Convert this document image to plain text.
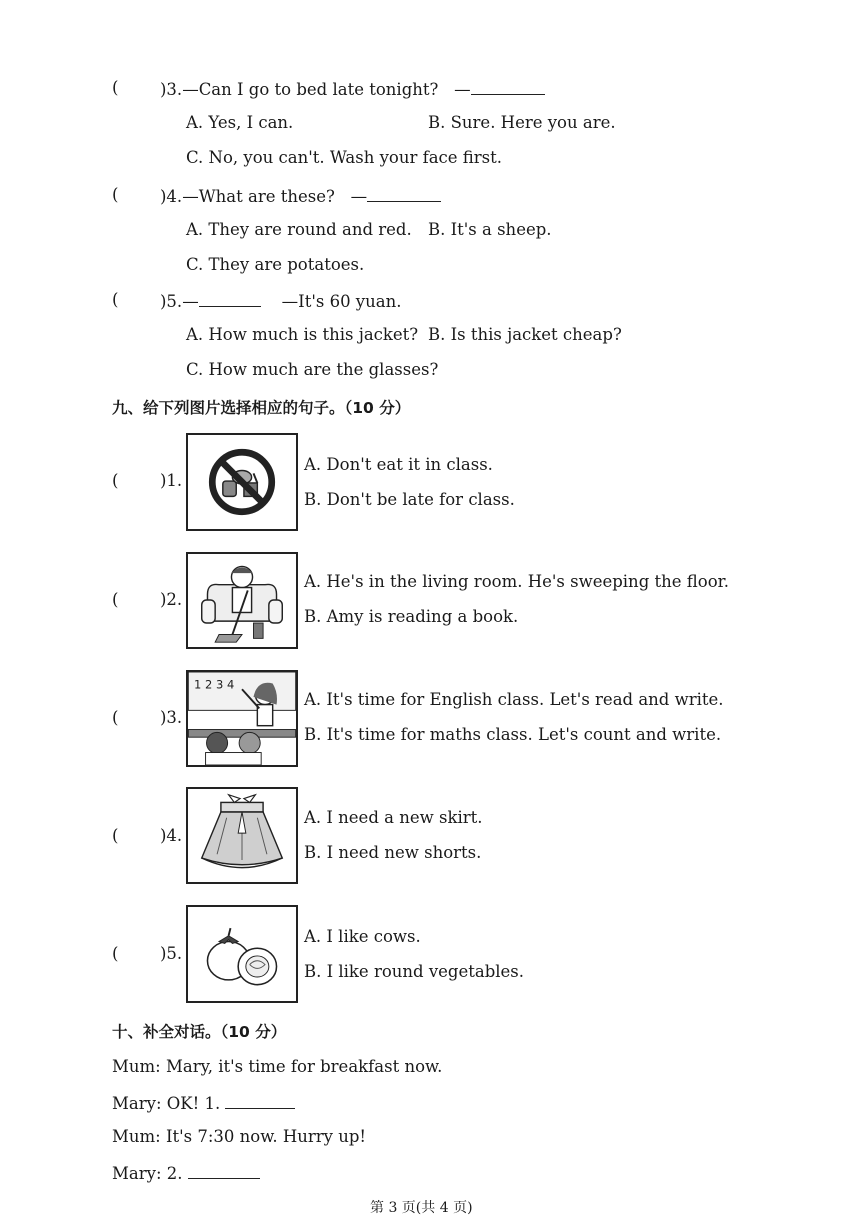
(	)3.—Can I go to bed late tonight? —
A. Yes, I can.	B. Sure. Here you are.
C. No, you can't. Wash your face first.
(	)4.—What are these? —
A. They are round and red. B. It's a sheep.
C. They are potatoes.
(	)5.—	—It's 60 yuan.
A. How much is this jacket? B. Is this jacket cheap?
C. How much are the glasses?
九、给下列图片选择相应的句子。（10 分）
(	)1.
A. Don't eat it in class.
B. Don't be late for class.
(	)2.
A. He's in the living room. He's sweeping the floor.
B. Amy is reading a book.
(	)3.
1 2 3 4
A. It's time for English class. Let's read and write.
B. It's time for maths class. Let's count and write.
(	)4.
A. I need a new skirt.
B. I need new shorts.
(	)5.
A. I like cows.
B. I like round vegetables.
十、补全对话。（10 分）
Mum: Mary, it's time for breakfast now.
Mary: OK! 1.
Mum: It's 7:30 now. Hurry up!
Mary: 2.
第 3 页(共 4 页)
